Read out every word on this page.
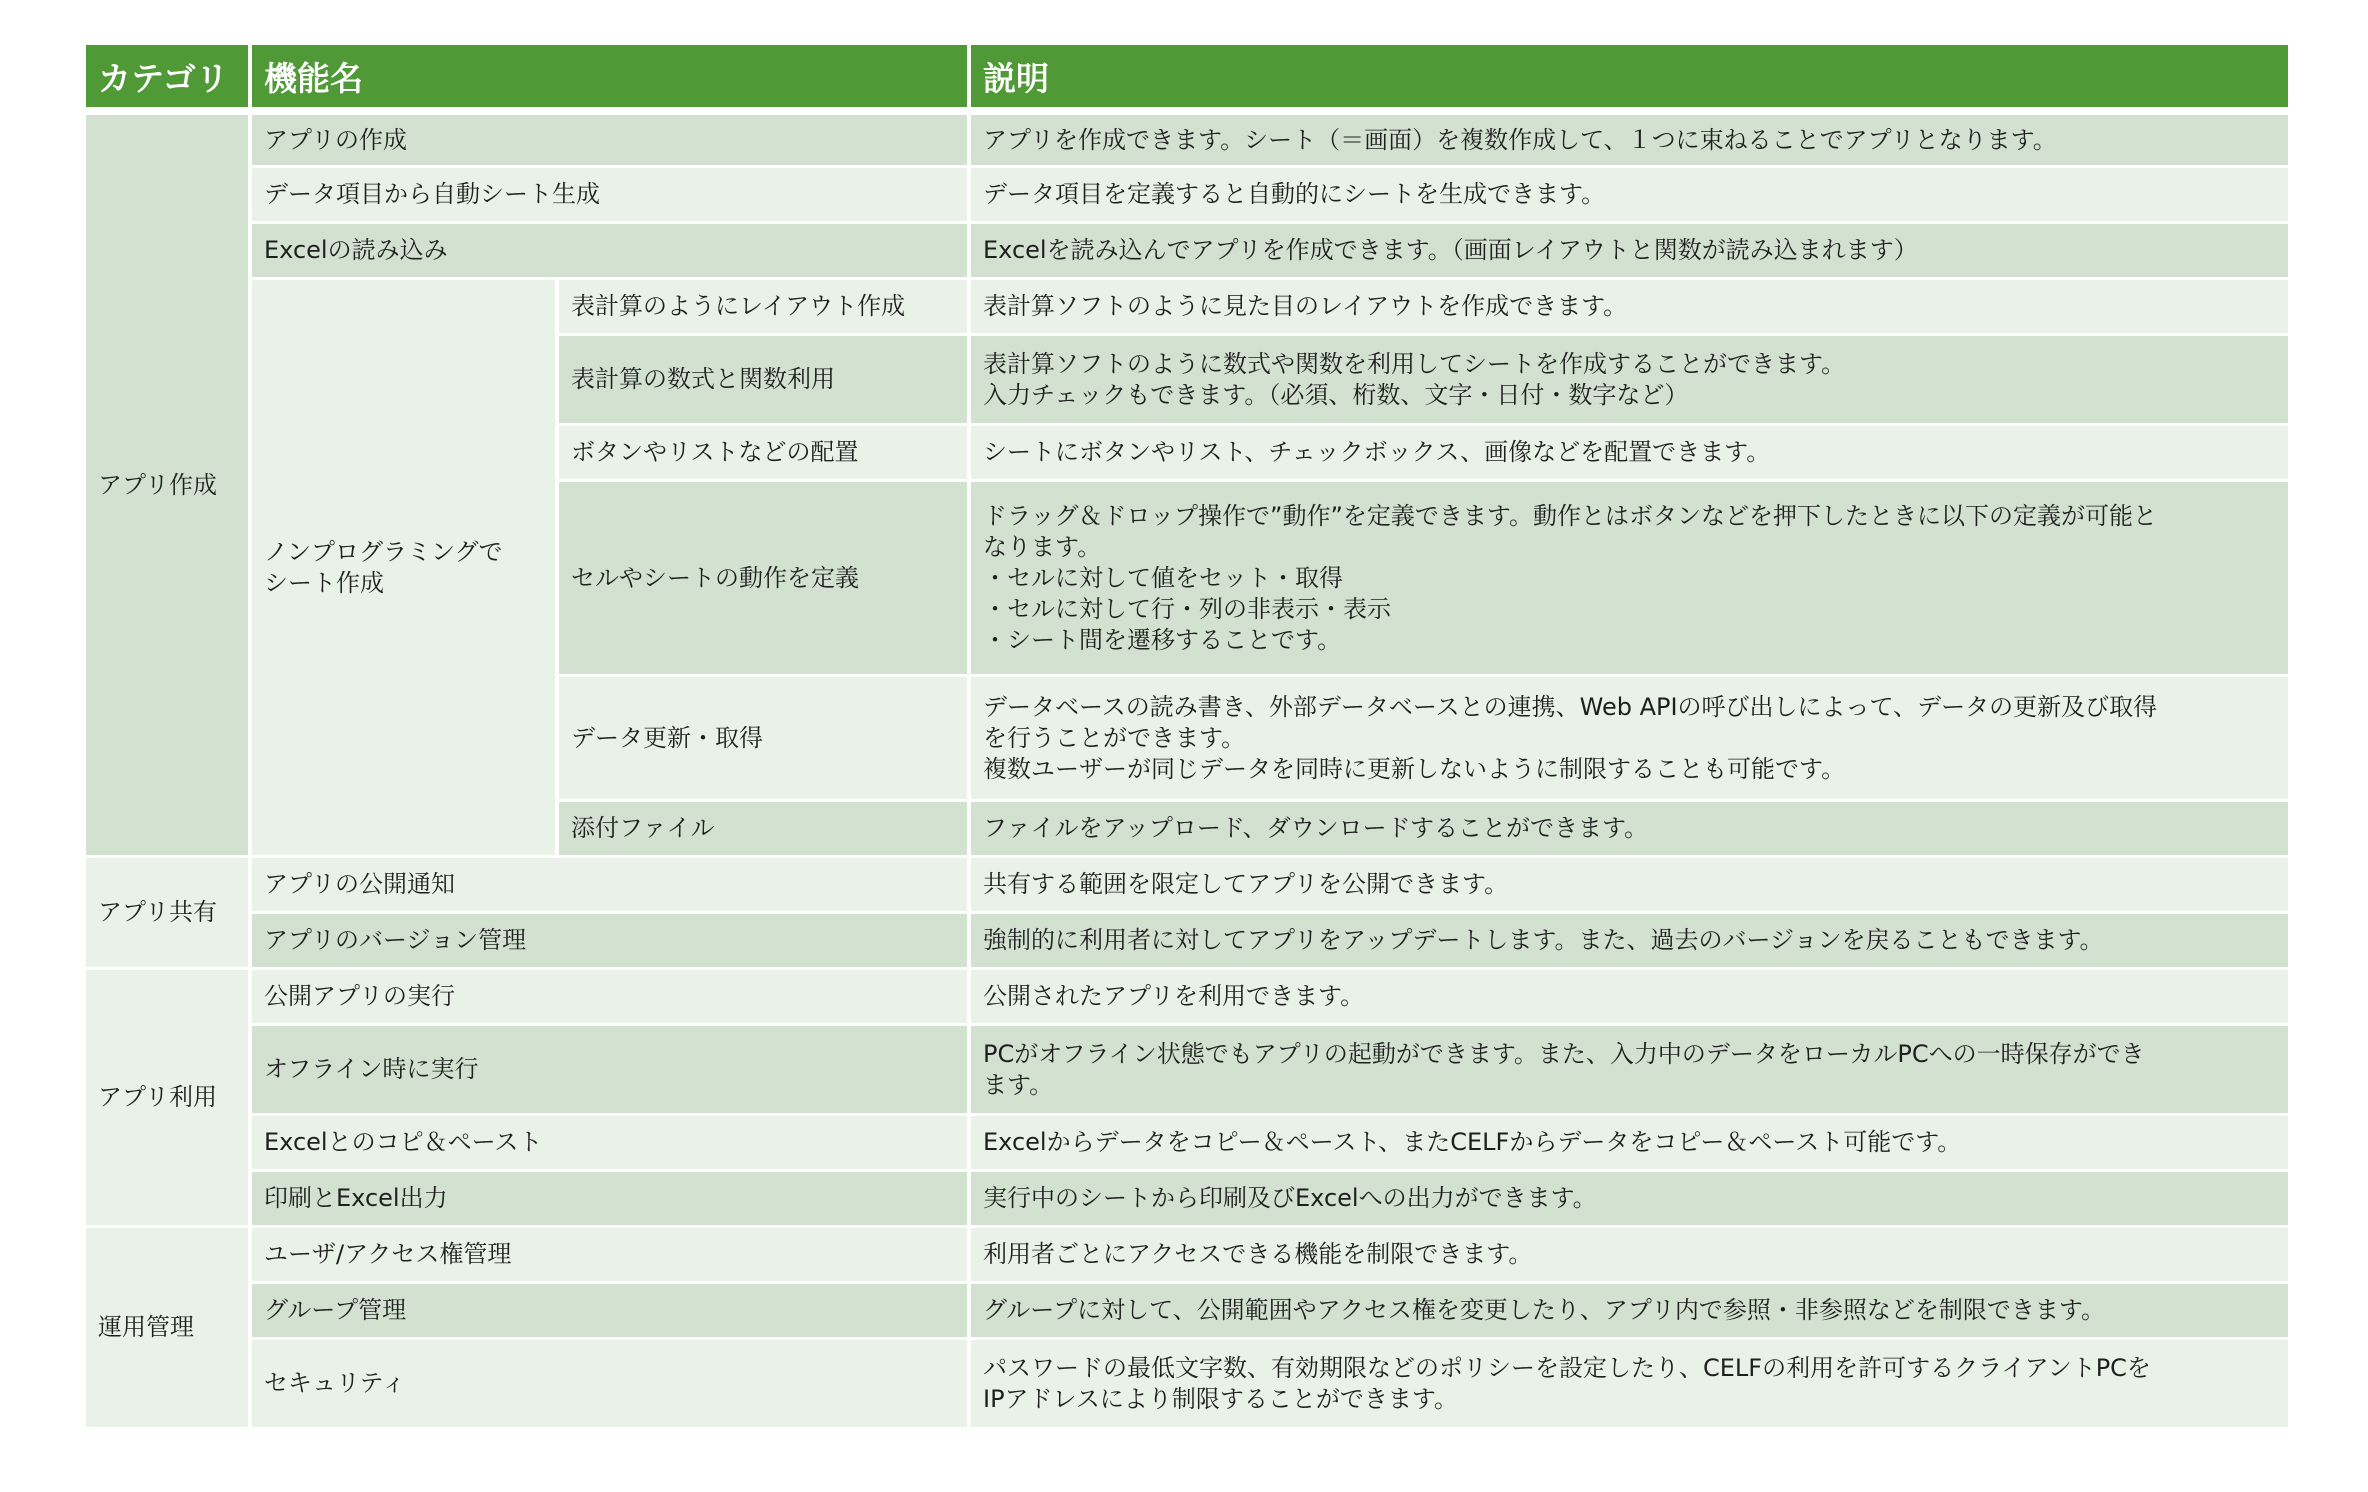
カテゴリ	機能名		説明
アプリ作成	アプリの作成		アプリを作成できます。シート（＝画面）を複数作成して、１つに束ねることでアプリとなります。

	データ項目から自動シート生成		データ項目を定義すると自動的にシートを生成できます。

	Excelの読み込み		Excelを読み込んでアプリを作成できます。（画面レイアウトと関数が読み込まれます）

	ノンプログラミングで
シート作成	表計算のようにレイアウト作成	表計算ソフトのように見た目のレイアウトを作成できます。

		表計算の数式と関数利用	表計算ソフトのように数式や関数を利用してシートを作成することができます。
入力チェックもできます。（必須、桁数、文字・日付・数字など）

		ボタンやリストなどの配置	シートにボタンやリスト、チェックボックス、画像などを配置できます。

		セルやシートの動作を定義	ドラッグ＆ドロップ操作で”動作”を定義できます。動作とはボタンなどを押下したときに以下の定義が可能と
なります。
・セルに対して値をセット・取得
・セルに対して行・列の非表示・表示
・シート間を遷移することです。

		データ更新・取得	データベースの読み書き、外部データベースとの連携、Web APIの呼び出しによって、データの更新及び取得
を行うことができます。
複数ユーザーが同じデータを同時に更新しないように制限することも可能です。

		添付ファイル	ファイルをアップロード、ダウンロードすることができます。

アプリ共有	アプリの公開通知		共有する範囲を限定してアプリを公開できます。

	アプリのバージョン管理		強制的に利用者に対してアプリをアップデートします。また、過去のバージョンを戻ることもできます。

アプリ利用	公開アプリの実行		公開されたアプリを利用できます。

	オフライン時に実行		PCがオフライン状態でもアプリの起動ができます。また、入力中のデータをローカルPCへの一時保存ができ
ます。

	Excelとのコピ＆ペースト		Excelからデータをコピー＆ペースト、またCELFからデータをコピー＆ペースト可能です。

	印刷とExcel出力		実行中のシートから印刷及びExcelへの出力ができます。

運用管理	ユーザ/アクセス権管理		利用者ごとにアクセスできる機能を制限できます。

	グループ管理		グループに対して、公開範囲やアクセス権を変更したり、アプリ内で参照・非参照などを制限できます。

	セキュリティ		パスワードの最低文字数、有効期限などのポリシーを設定したり、CELFの利用を許可するクライアントPCを
IPアドレスにより制限することができます。
